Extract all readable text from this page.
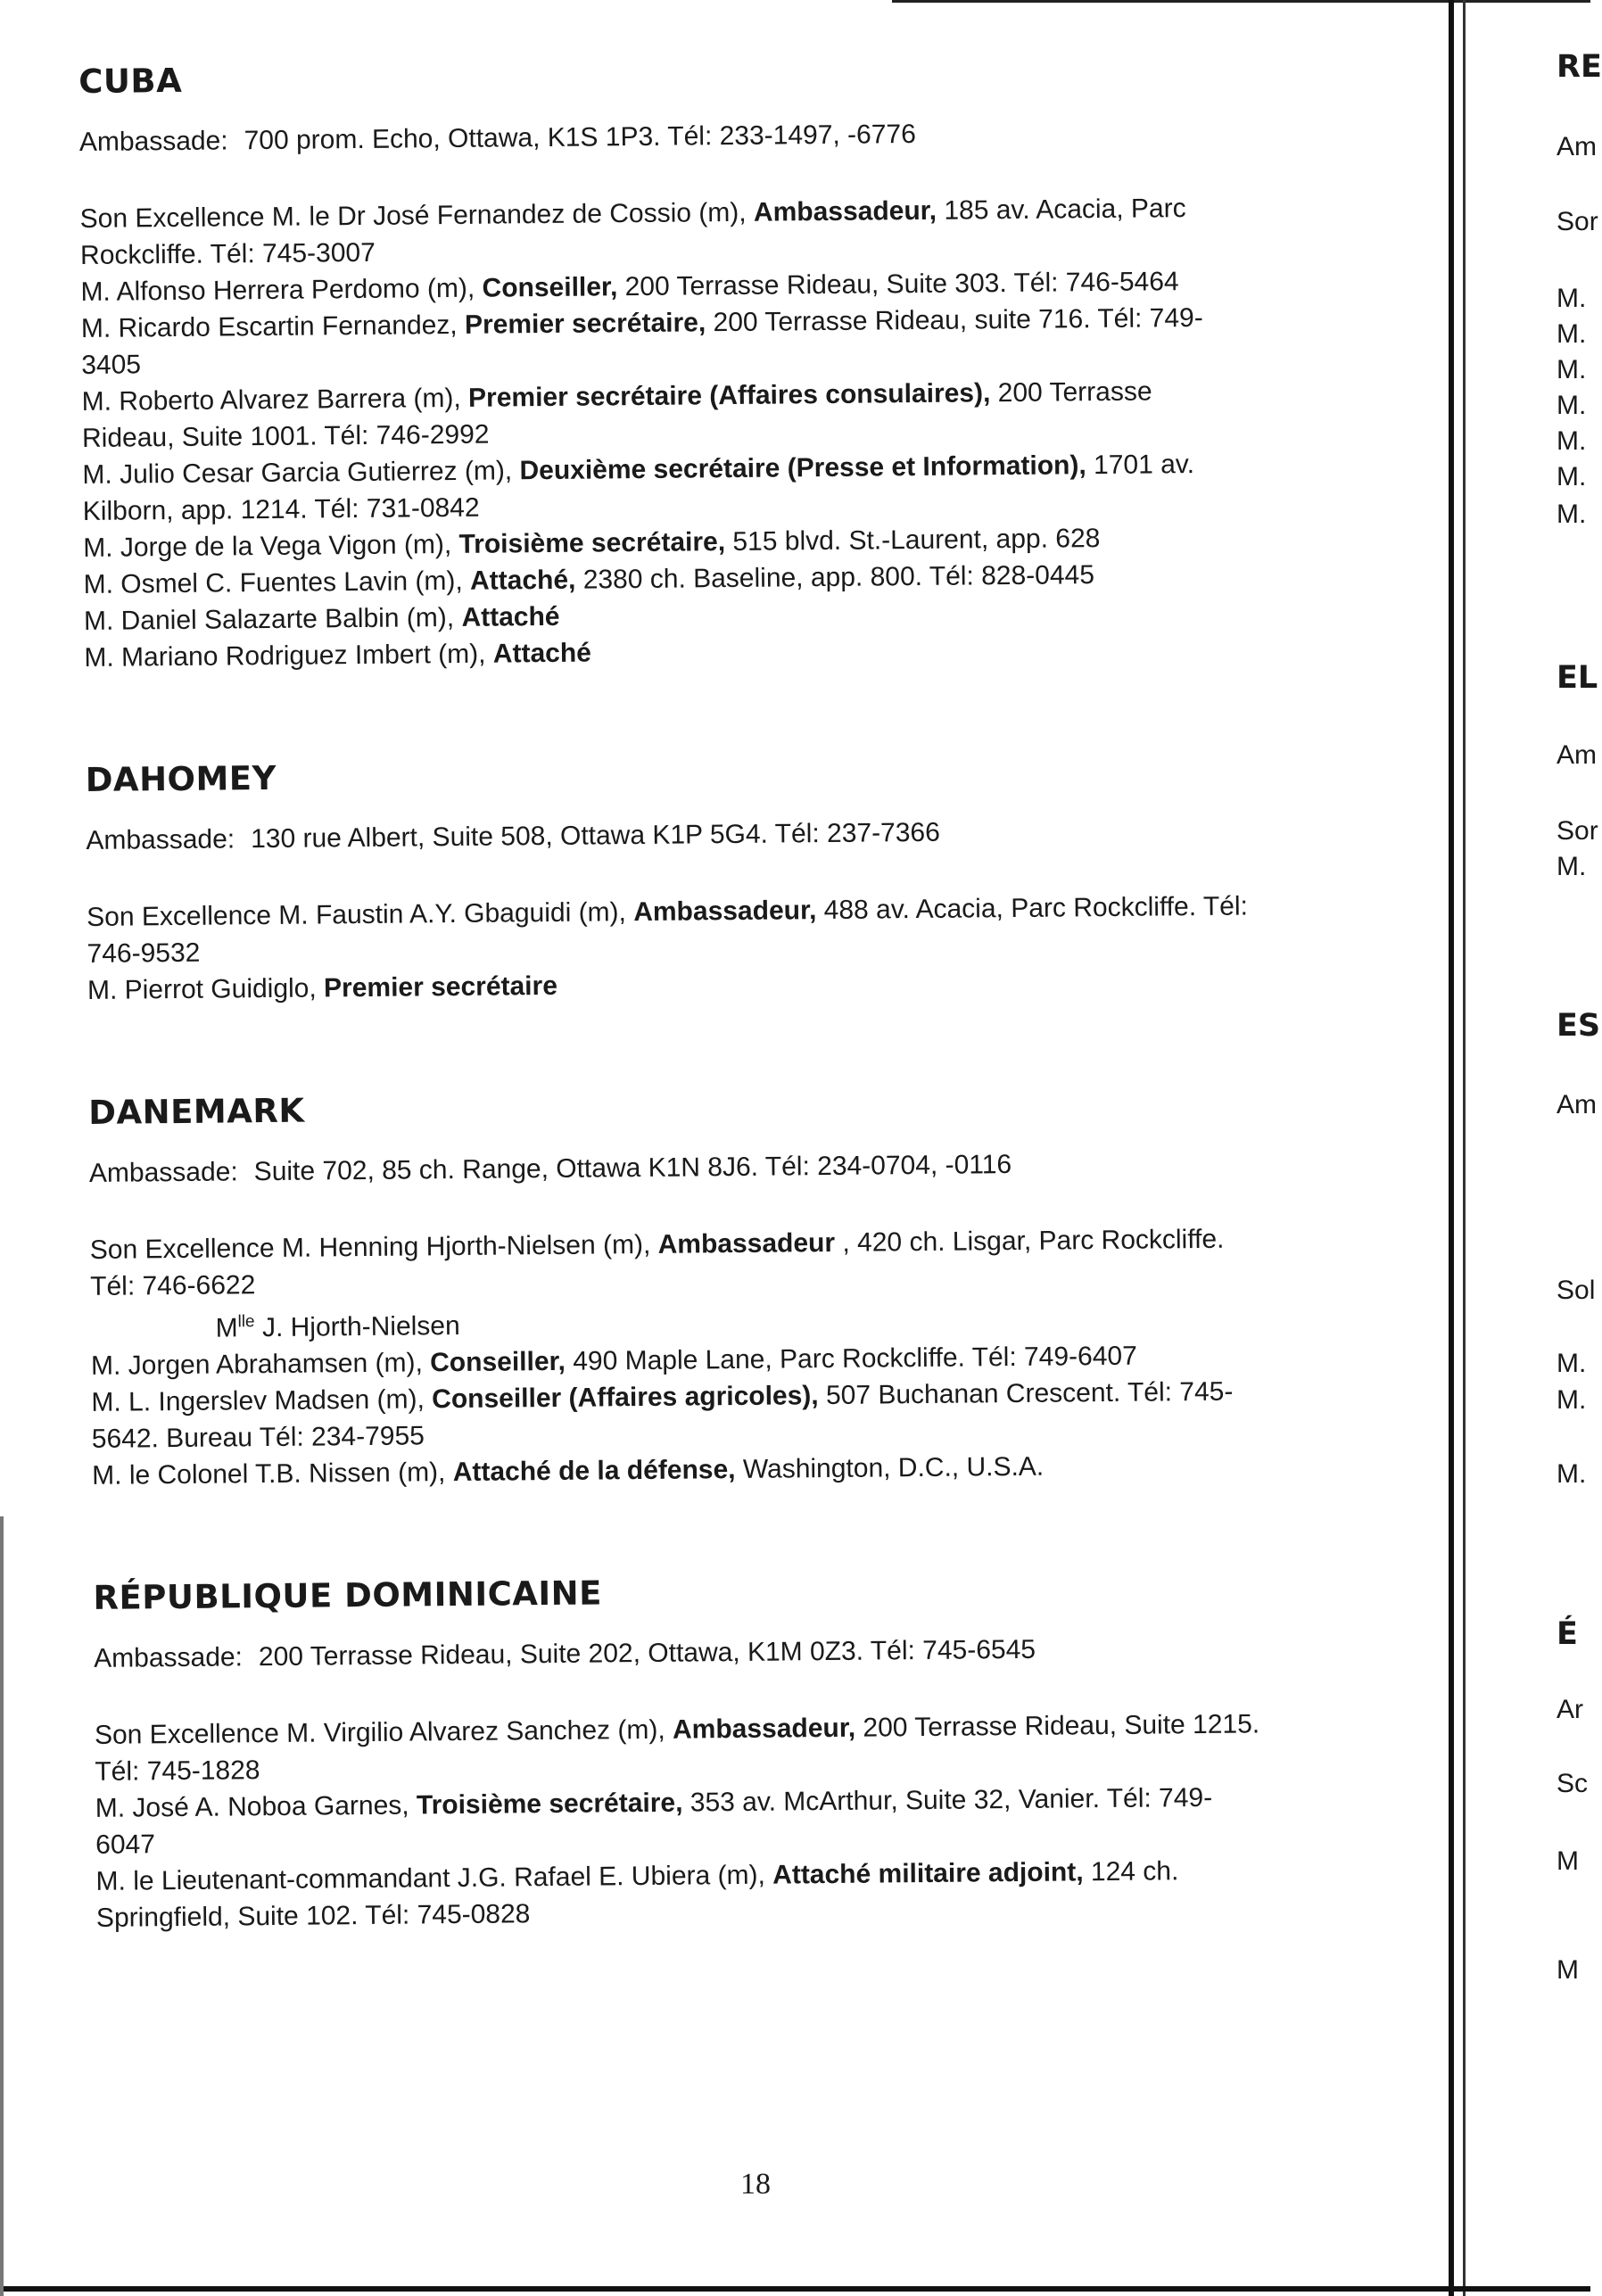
CUBA
Ambassade: 700 prom. Echo, Ottawa, K1S 1P3. Tél: 233-1497, -6776

Son Excellence M. le Dr José Fernandez de Cossio (m), Ambassadeur, 185 av. Acacia, Parc
Rockcliffe. Tél: 745-3007

M. Alfonso Herrera Perdomo (m), Conseiller, 200 Terrasse Rideau, Suite 303. Tél: 746-5464

M. Ricardo Escartin Fernandez, Premier secrétaire, 200 Terrasse Rideau, suite 716. Tél: 749-
3405

M. Roberto Alvarez Barrera (m), Premier secrétaire (Affaires consulaires), 200 Terrasse
Rideau, Suite 1001. Tél: 746-2992

M. Julio Cesar Garcia Gutierrez (m), Deuxième secrétaire (Presse et Information), 1701 av.
Kilborn, app. 1214. Tél: 731-0842

M. Jorge de la Vega Vigon (m), Troisième secrétaire, 515 blvd. St.-Laurent, app. 628

M. Osmel C. Fuentes Lavin (m), Attaché, 2380 ch. Baseline, app. 800. Tél: 828-0445

M. Daniel Salazarte Balbin (m), Attaché

M. Mariano Rodriguez Imbert (m), Attaché

DAHOMEY
Ambassade: 130 rue Albert, Suite 508, Ottawa K1P 5G4. Tél: 237-7366

Son Excellence M. Faustin A.Y. Gbaguidi (m), Ambassadeur, 488 av. Acacia, Parc Rockcliffe. Tél:
746-9532

M. Pierrot Guidiglo, Premier secrétaire

DANEMARK
Ambassade: Suite 702, 85 ch. Range, Ottawa K1N 8J6. Tél: 234-0704, -0116

Son Excellence M. Henning Hjorth-Nielsen (m), Ambassadeur , 420 ch. Lisgar, Parc Rockcliffe.
Tél: 746-6622

$M^{lle}$ J. Hjorth-Nielsen

M. Jorgen Abrahamsen (m), Conseiller, 490 Maple Lane, Parc Rockcliffe. Tél: 749-6407

M. L. Ingerslev Madsen (m), Conseiller (Affaires agricoles), 507 Buchanan Crescent. Tél: 745-
5642. Bureau Tél: 234-7955

M. le Colonel T.B. Nissen (m), Attaché de la défense, Washington, D.C., U.S.A.

RÉPUBLIQUE DOMINICAINE
Ambassade: 200 Terrasse Rideau, Suite 202, Ottawa, K1M 0Z3. Tél: 745-6545

Son Excellence M. Virgilio Alvarez Sanchez (m), Ambassadeur, 200 Terrasse Rideau, Suite 1215.
Tél: 745-1828

M. José A. Noboa Garnes, Troisième secrétaire, 353 av. McArthur, Suite 32, Vanier. Tél: 749-
6047

M. le Lieutenant-commandant J.G. Rafael E. Ubiera (m), Attaché militaire adjoint, 124 ch.
Springfield, Suite 102. Tél: 745-0828

18
RE
Am
Sor
M.
M.
M.
M.
M.
M.
M.
EL
Am
Sor
M.
ES
Am
Sol
M.
M.
M.
É
Ar
Sc
M
M
